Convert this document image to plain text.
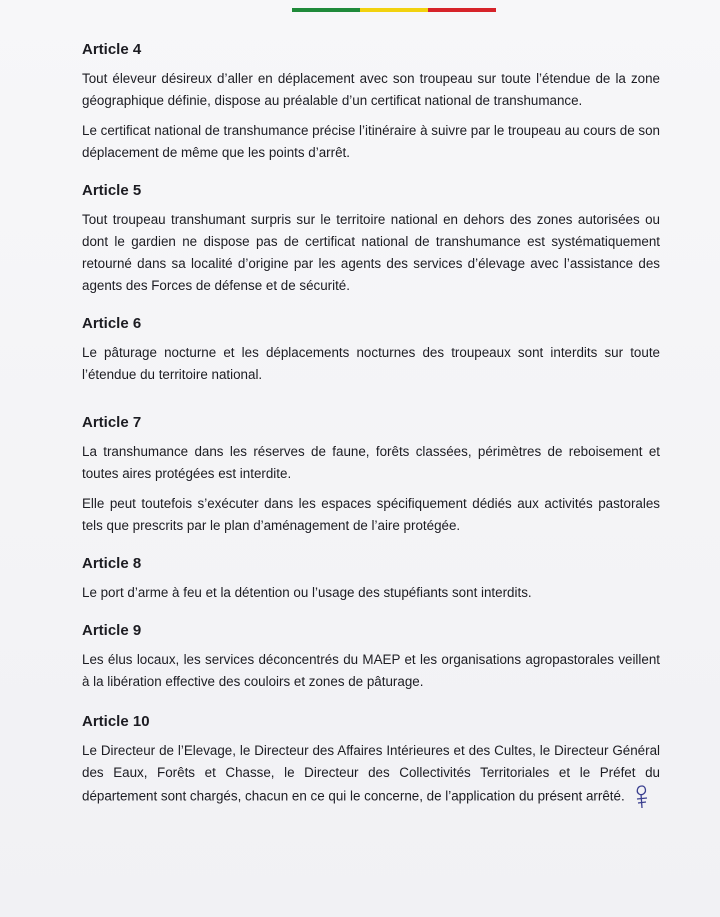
Article 4

Tout éleveur désireux d’aller en déplacement avec son troupeau sur toute l’étendue de la zone géographique définie, dispose au préalable d’un certificat national de transhumance.

Le certificat national de transhumance précise l’itinéraire à suivre par le troupeau au cours de son déplacement de même que les points d’arrêt.

Article 5

Tout troupeau transhumant surpris sur le territoire national en dehors des zones autorisées ou dont le gardien ne dispose pas de certificat national de transhumance est systématiquement retourné dans sa localité d’origine par les agents des services d’élevage avec l’assistance des agents des Forces de défense et de sécurité.

Article 6

Le pâturage nocturne et les déplacements nocturnes des troupeaux sont interdits sur toute l’étendue du territoire national.

Article 7

La transhumance dans les réserves de faune, forêts classées, périmètres de reboisement et toutes aires protégées est interdite.

Elle peut toutefois s’exécuter dans les espaces spécifiquement dédiés aux activités pastorales tels que prescrits par le plan d’aménagement de l’aire protégée.

Article 8

Le port d’arme à feu et la détention ou l’usage des stupéfiants sont interdits.

Article 9

Les élus locaux, les services déconcentrés du MAEP et les organisations agropastorales veillent à la libération effective des couloirs et zones de pâturage.

Article 10

Le Directeur de l’Elevage, le Directeur des Affaires Intérieures et des Cultes, le Directeur Général des Eaux, Forêts et Chasse, le Directeur des Collectivités Territoriales et le Préfet du département sont chargés, chacun en ce qui le concerne, de l’application du présent arrêté.
